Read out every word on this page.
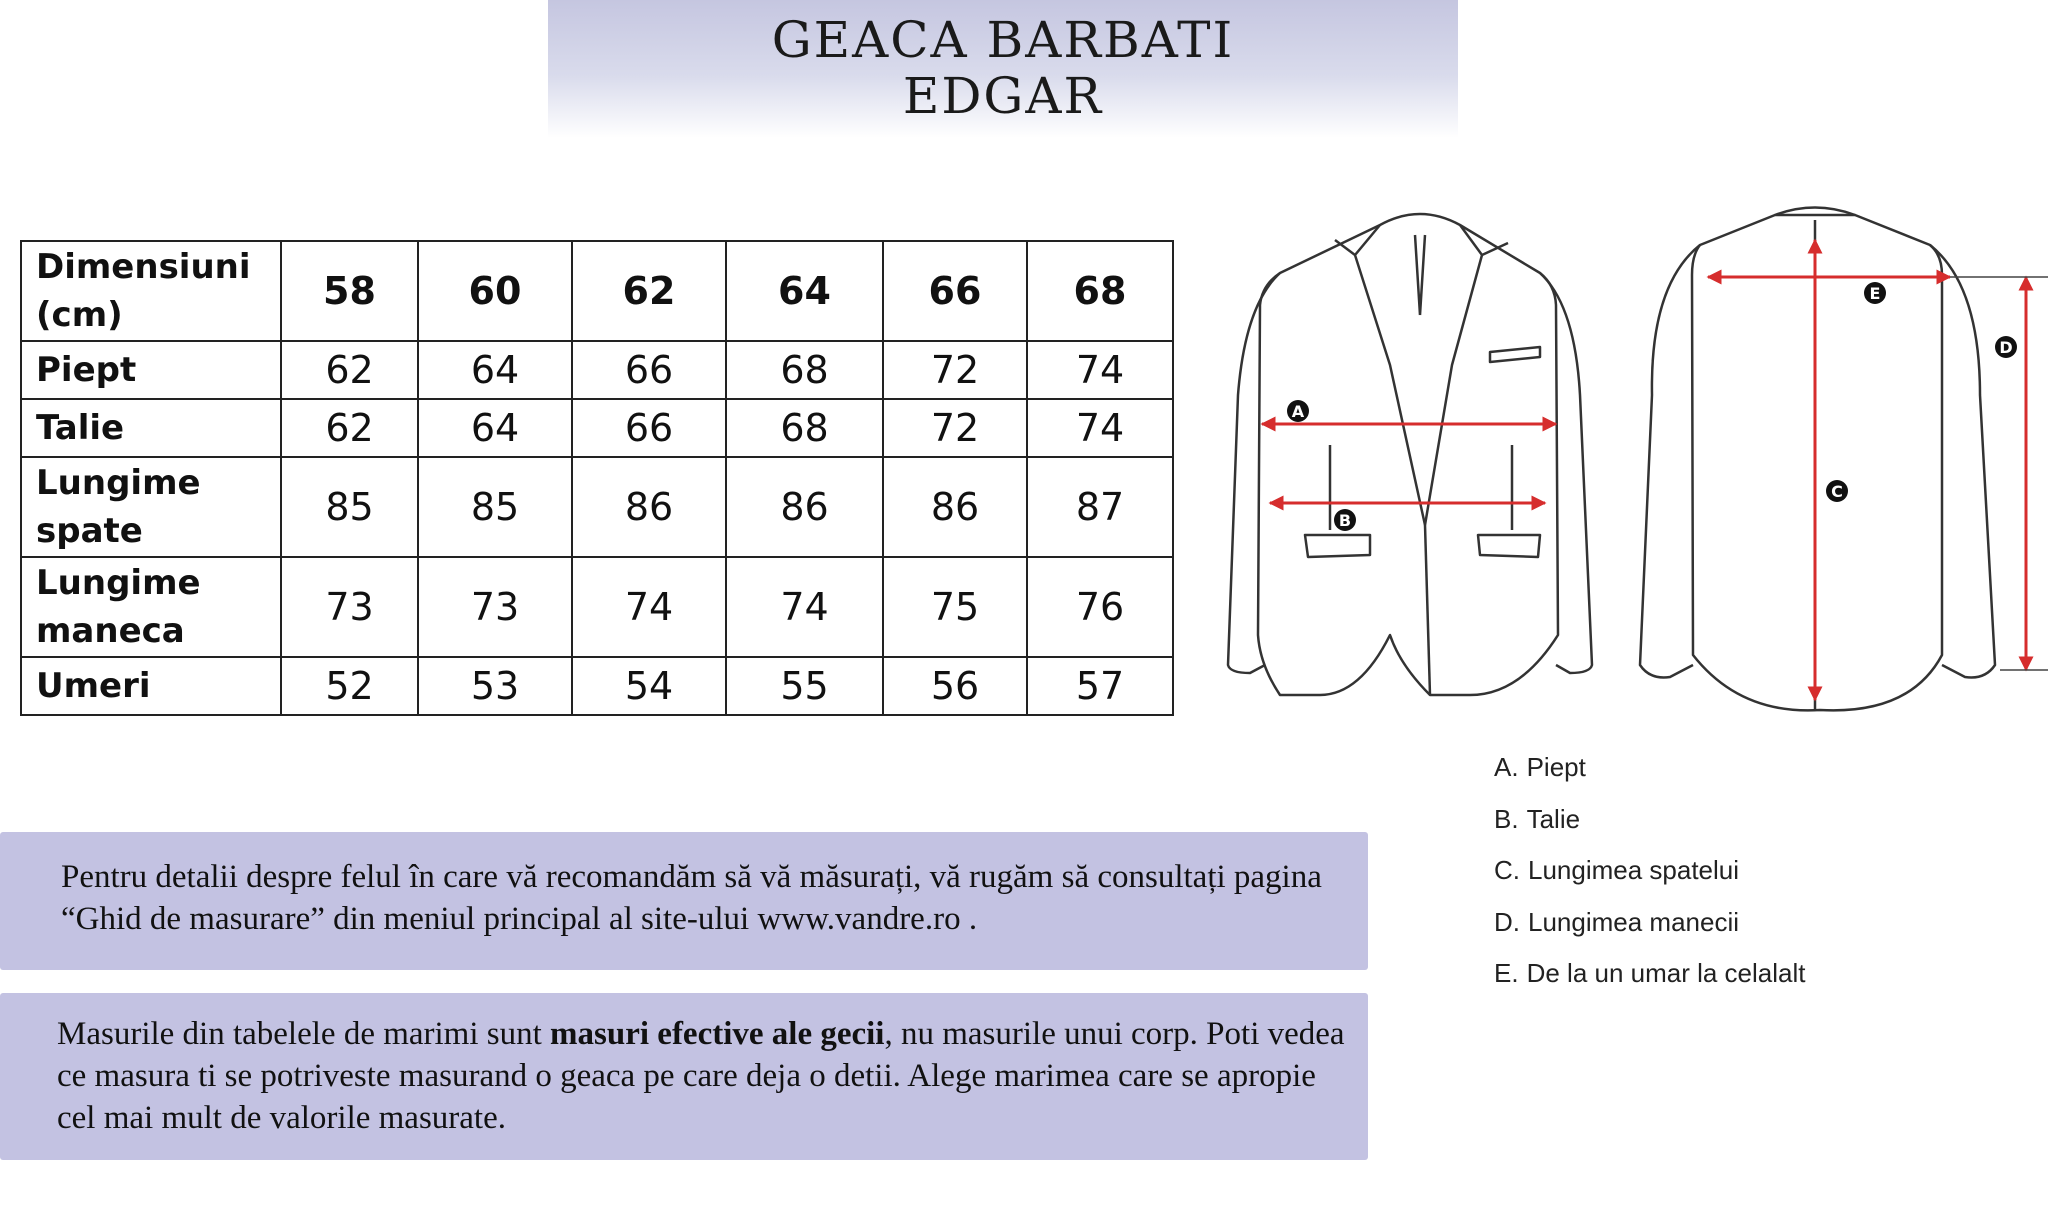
GEACA BARBATI
EDGAR
Dimensiuni (cm)	58	60	62	64	66	68
Piept	62	64	66	68	72	74
Talie	62	64	66	68	72	74
Lungime spate	85	85	86	86	86	87
Lungime maneca	73	73	74	74	75	76
Umeri	52	53	54	55	56	57
A
B
C
D
E
A. Piept
B. Talie
C. Lungimea spatelui
D. Lungimea manecii
E. De la un umar la celalalt

Pentru detalii despre felul în care vă recomandăm să vă măsurați, vă rugăm să consultați pagina “Ghid de masurare” din meniul principal al site-ului www.vandre.ro .

Masurile din tabelele de marimi sunt masuri efective ale gecii, nu masurile unui corp. Poti vedea ce masura ti se potriveste masurand o geaca pe care deja o detii. Alege marimea care se apropie cel mai mult de valorile masurate.
